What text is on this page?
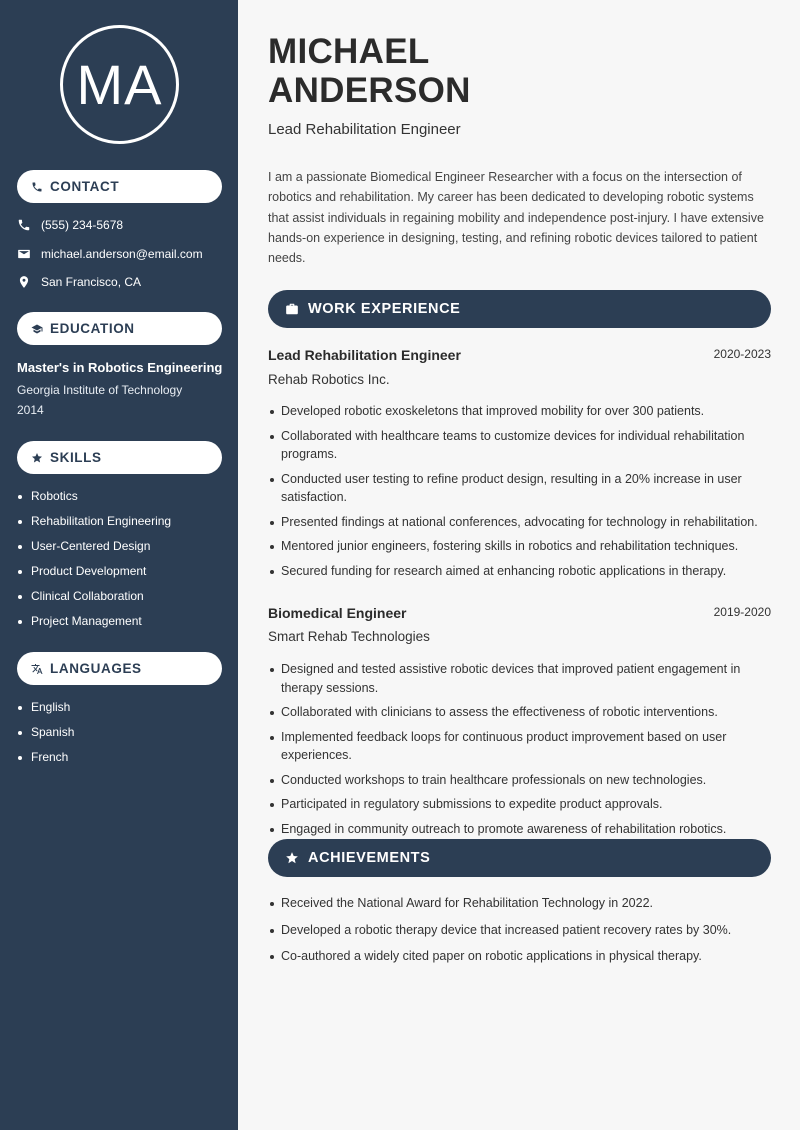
MA
CONTACT
(555) 234-5678
michael.anderson@email.com
San Francisco, CA
EDUCATION
Master's in Robotics Engineering
Georgia Institute of Technology
2014
SKILLS
Robotics
Rehabilitation Engineering
User-Centered Design
Product Development
Clinical Collaboration
Project Management
LANGUAGES
English
Spanish
French
MICHAEL
ANDERSON
Lead Rehabilitation Engineer

I am a passionate Biomedical Engineer Researcher with a focus on the intersection of robotics and rehabilitation. My career has been dedicated to developing robotic systems that assist individuals in regaining mobility and independence post-injury. I have extensive hands-on experience in designing, testing, and refining robotic devices tailored to patient needs.

WORK EXPERIENCE
Lead Rehabilitation Engineer	2020-2023
Rehab Robotics Inc.
Developed robotic exoskeletons that improved mobility for over 300 patients.
Collaborated with healthcare teams to customize devices for individual rehabilitation programs.
Conducted user testing to refine product design, resulting in a 20% increase in user satisfaction.
Presented findings at national conferences, advocating for technology in rehabilitation.
Mentored junior engineers, fostering skills in robotics and rehabilitation techniques.
Secured funding for research aimed at enhancing robotic applications in therapy.
Biomedical Engineer	2019-2020
Smart Rehab Technologies
Designed and tested assistive robotic devices that improved patient engagement in therapy sessions.
Collaborated with clinicians to assess the effectiveness of robotic interventions.
Implemented feedback loops for continuous product improvement based on user experiences.
Conducted workshops to train healthcare professionals on new technologies.
Participated in regulatory submissions to expedite product approvals.
Engaged in community outreach to promote awareness of rehabilitation robotics.
ACHIEVEMENTS
Received the National Award for Rehabilitation Technology in 2022.
Developed a robotic therapy device that increased patient recovery rates by 30%.
Co-authored a widely cited paper on robotic applications in physical therapy.
